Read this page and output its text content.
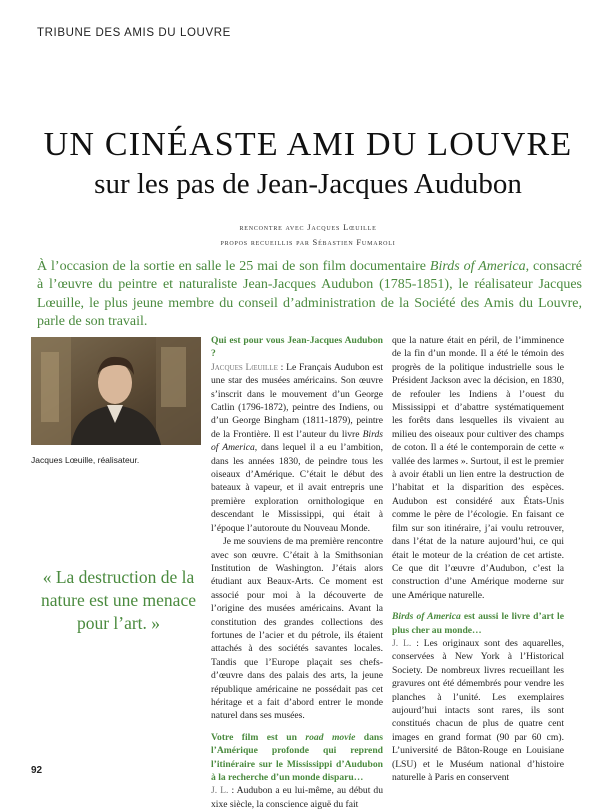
TRIBUNE DES AMIS DU LOUVRE
UN CINÉASTE AMI DU LOUVRE
sur les pas de Jean-Jacques Audubon
rencontre avec Jacques Lœuille
propos recueillis par Sébastien Fumaroli
À l’occasion de la sortie en salle le 25 mai de son film documentaire Birds of America, consacré à l’œuvre du peintre et naturaliste Jean-Jacques Audubon (1785-1851), le réalisateur Jacques Lœuille, le plus jeune membre du conseil d’administration de la Société des Amis du Louvre, parle de son travail.
Jacques Lœuille, réalisateur.
« La destruction de la nature est une menace pour l’art. »

Qui est pour vous Jean-Jacques Audubon ?
Jacques Lœuille : Le Français Audubon est une star des musées américains. Son œuvre s’inscrit dans le mouvement d’un George Catlin (1796-1872), peintre des Indiens, ou d’un George Bingham (1811-1879), peintre de la Frontière. Il est l’auteur du livre Birds of America, dans lequel il a eu l’ambition, dans les années 1830, de peindre tous les oiseaux d’Amérique. C’était le début des bateaux à vapeur, et il avait entrepris une première exploration ornithologique en descendant le Mississippi, qui était à l’époque l’autoroute du Nouveau Monde.

Je me souviens de ma première rencontre avec son œuvre. C’était à la Smithsonian Institution de Washington. J’étais alors étudiant aux Beaux-Arts. Ce moment est associé pour moi à la découverte de l’origine des musées américains. Avant la constitution des grandes collections des fortunes de l’acier et du pétrole, ils étaient attachés à des sociétés savantes locales. Tandis que l’Europe plaçait ses chefs-d’œuvre dans des palais des arts, la jeune république américaine ne possédait pas cet héritage et a fait d’abord entrer le monde naturel dans ses musées.

Votre film est un road movie dans l’Amérique profonde qui reprend l’itinéraire sur le Mississippi d’Audubon à la recherche d’un monde disparu…
J. L. : Audubon a eu lui-même, au début du xixe siècle, la conscience aiguë du fait

que la nature était en péril, de l’imminence de la fin d’un monde. Il a été le témoin des progrès de la politique industrielle sous le Président Jackson avec la décision, en 1830, de refouler les Indiens à l’ouest du Mississippi et d’abattre systématiquement les forêts dans lesquelles ils vivaient au milieu des oiseaux pour cultiver des champs de coton. Il a été le contemporain de cette « vallée des larmes ». Surtout, il est le premier à avoir établi un lien entre la destruction de l’habitat et la disparition des espèces. Audubon est considéré aux États-Unis comme le père de l’écologie. En faisant ce film sur son itinéraire, j’ai voulu retrouver, dans l’état de la nature aujourd’hui, ce qui était le moteur de la création de cet artiste. Ce que dit l’œuvre d’Audubon, c’est la construction d’une Amérique moderne sur une Amérique naturelle.

Birds of America est aussi le livre d’art le plus cher au monde…
J. L. : Les originaux sont des aquarelles, conservées à New York à l’Historical Society. De nombreux livres recueillant les gravures ont été démembrés pour vendre les planches à l’unité. Les exemplaires aujourd’hui intacts sont rares, ils sont constitués chacun de plus de quatre cent images en grand format (90 par 60 cm). L’université de Bâton-Rouge en Louisiane (LSU) et le Muséum national d’histoire naturelle à Paris en conservent

92
